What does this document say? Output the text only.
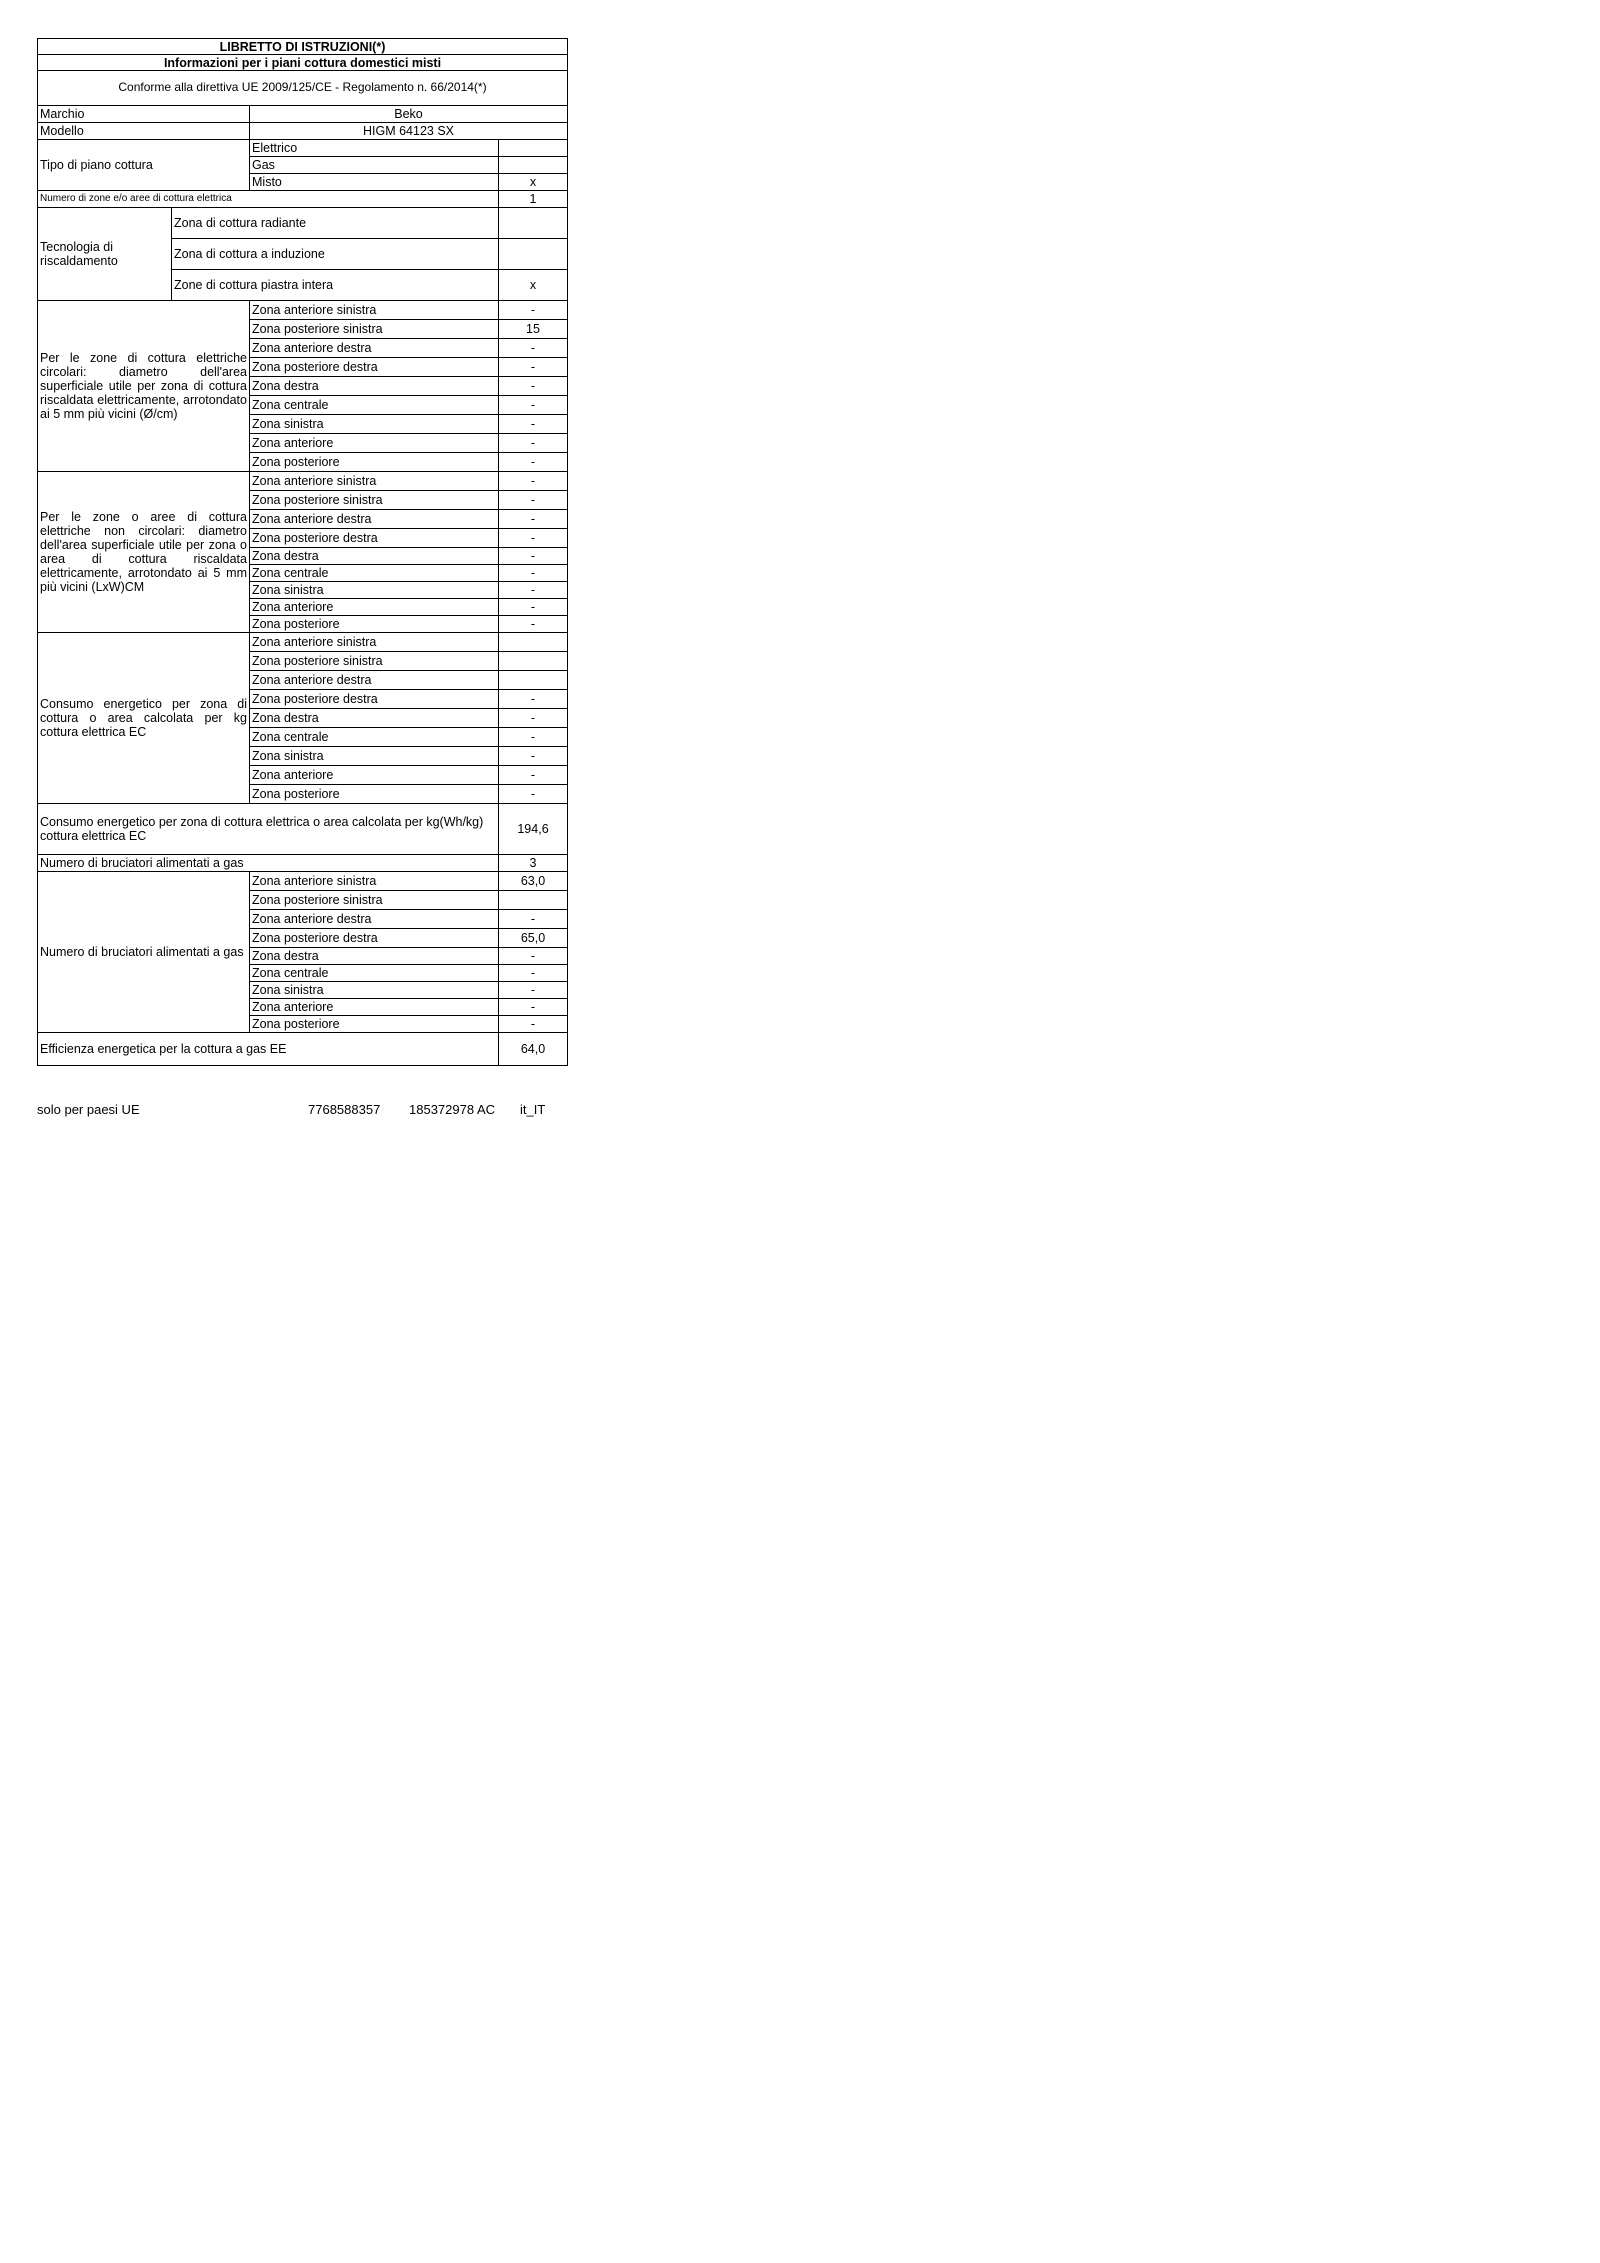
LIBRETTO DI ISTRUZIONI(*)			
Informazioni per i piani cottura domestici misti			
Conforme alla direttiva UE 2009/125/CE - Regolamento n. 66/2014(*)			
Marchio		Beko	
Modello		HIGM 64123 SX	
Tipo di piano cottura		Elettrico	
		Gas	
		Misto	x
Numero di zone e/o aree di cottura elettrica			1
Tecnologia di riscaldamento	Zona di cottura radiante		
	Zona di cottura a induzione		
	Zone di cottura piastra intera		x
Per le zone di cottura elettriche circolari: diametro dell'area superficiale utile per zona di cottura riscaldata elettricamente, arrotondato ai 5 mm più vicini (Ø/cm)		Zona anteriore sinistra	-
		Zona posteriore sinistra	15
		Zona anteriore destra	-
		Zona posteriore destra	-
		Zona destra	-
		Zona centrale	-
		Zona sinistra	-
		Zona anteriore	-
		Zona posteriore	-
Per le zone o aree di cottura elettriche non circolari: diametro dell'area superficiale utile per zona o area di cottura riscaldata elettricamente, arrotondato ai 5 mm più vicini (LxW)CM		Zona anteriore sinistra	-
		Zona posteriore sinistra	-
		Zona anteriore destra	-
		Zona posteriore destra	-
		Zona destra	-
		Zona centrale	-
		Zona sinistra	-
		Zona anteriore	-
		Zona posteriore	-
Consumo energetico per zona di cottura o area calcolata per kg cottura elettrica EC		Zona anteriore sinistra	
		Zona posteriore sinistra	
		Zona anteriore destra	
		Zona posteriore destra	-
		Zona destra	-
		Zona centrale	-
		Zona sinistra	-
		Zona anteriore	-
		Zona posteriore	-
Consumo energetico per zona di cottura elettrica o area calcolata per kg(Wh/kg) cottura elettrica EC			194,6
Numero di bruciatori alimentati a gas			3
Numero di bruciatori alimentati a gas		Zona anteriore sinistra	63,0
		Zona posteriore sinistra	
		Zona anteriore destra	-
		Zona posteriore destra	65,0
		Zona destra	-
		Zona centrale	-
		Zona sinistra	-
		Zona anteriore	-
		Zona posteriore	-
Efficienza energetica per la cottura a gas EE			64,0
solo per paesi UE	7768588357 185372978 AC it_IT
